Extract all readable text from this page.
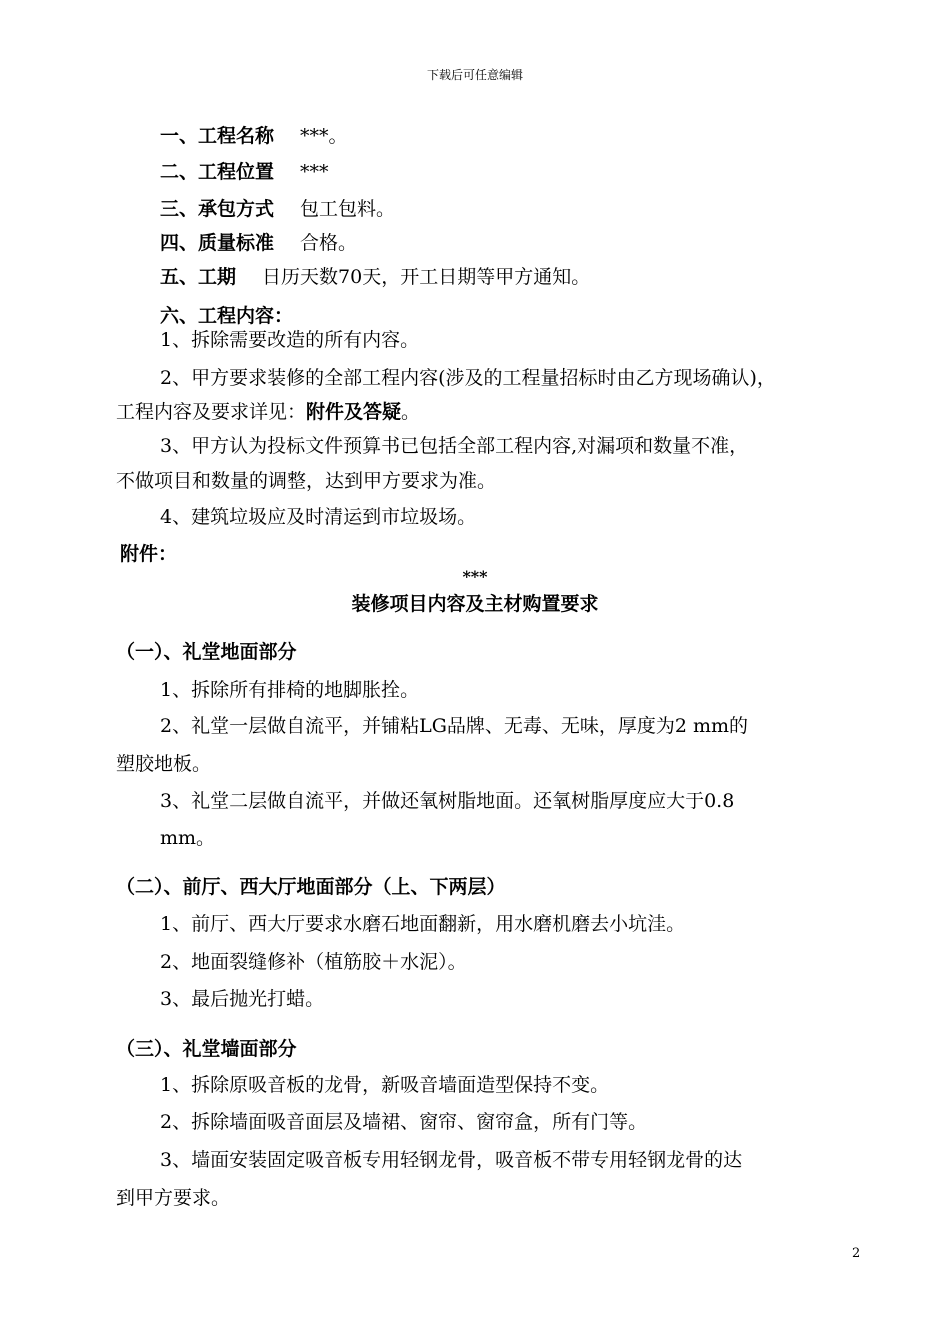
下载后可任意编辑
一、工程名称 ***。
二、工程位置 ***
三、承包方式 包工包料。
四、质量标准 合格。
五、工期 日历天数70天，开工日期等甲方通知。
六、工程内容：
1、拆除需要改造的所有内容。
2、甲方要求装修的全部工程内容(涉及的工程量招标时由乙方现场确认)，
工程内容及要求详见：附件及答疑。
3、甲方认为投标文件预算书已包括全部工程内容,对漏项和数量不准，
不做项目和数量的调整，达到甲方要求为准。
4、建筑垃圾应及时清运到市垃圾场。
附件：
***
装修项目内容及主材购置要求
（一）、礼堂地面部分
1、拆除所有排椅的地脚胀拴。
2、礼堂一层做自流平，并铺粘LG品牌、无毒、无味，厚度为2 mm的
塑胶地板。
3、礼堂二层做自流平，并做还氧树脂地面。还氧树脂厚度应大于0.8
mm。
（二）、前厅、西大厅地面部分（上、下两层）
1、前厅、西大厅要求水磨石地面翻新，用水磨机磨去小坑洼。
2、地面裂缝修补（植筋胶＋水泥）。
3、最后抛光打蜡。
（三）、礼堂墙面部分
1、拆除原吸音板的龙骨，新吸音墙面造型保持不变。
2、拆除墙面吸音面层及墙裙、窗帘、窗帘盒，所有门等。
3、墙面安装固定吸音板专用轻钢龙骨，吸音板不带专用轻钢龙骨的达
到甲方要求。
2
